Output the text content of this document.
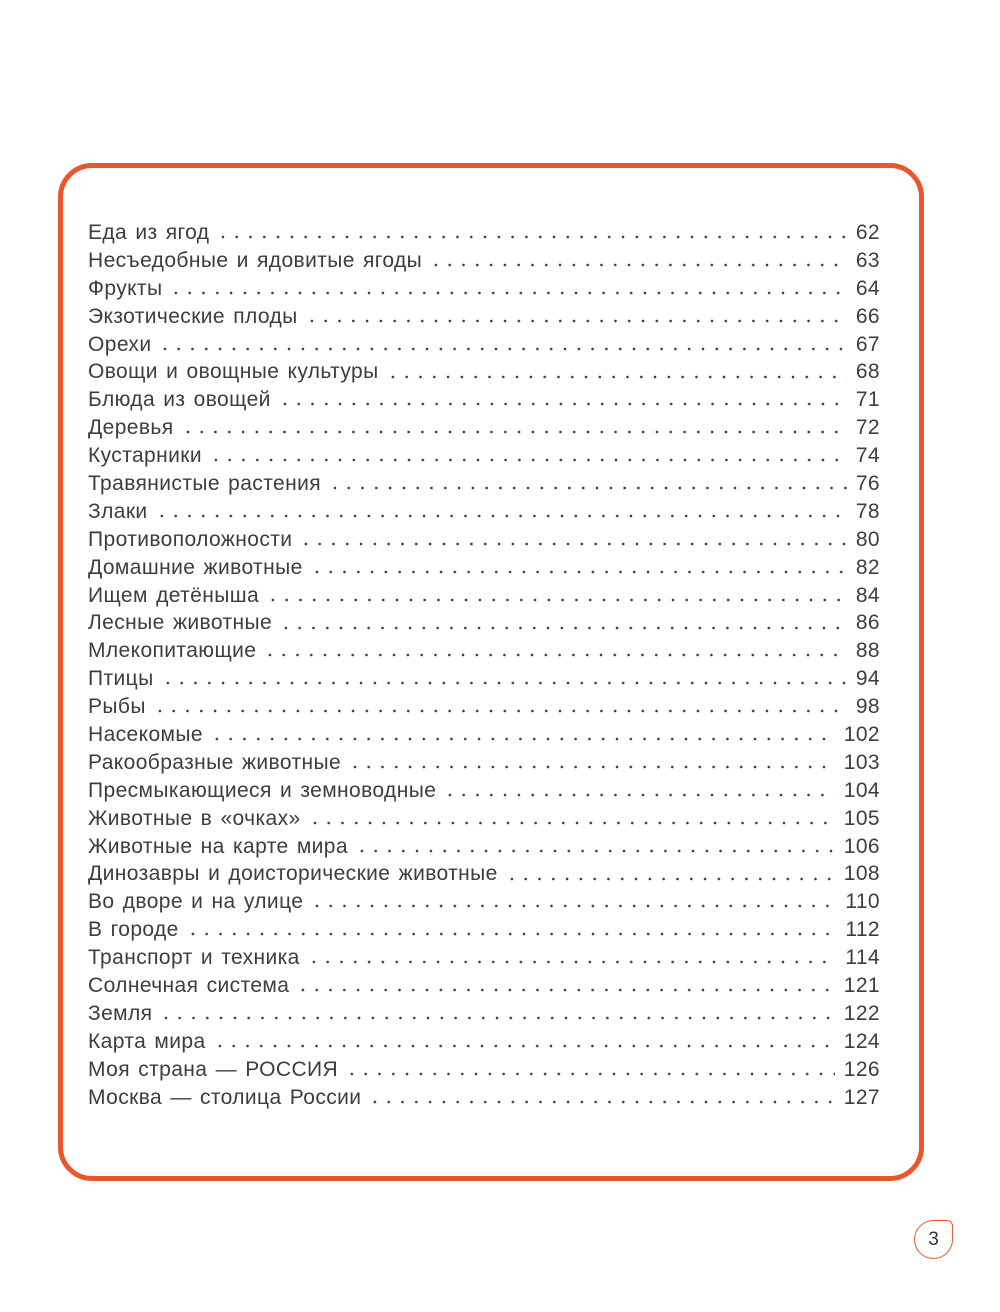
Еда из ягод	62
Несъедобные и ядовитые ягоды	63
Фрукты	64
Экзотические плоды	66
Орехи	67
Овощи и овощные культуры	68
Блюда из овощей	71
Деревья	72
Кустарники	74
Травянистые растения	76
Злаки	78
Противоположности	80
Домашние животные	82
Ищем детёныша	84
Лесные животные	86
Млекопитающие	88
Птицы	94
Рыбы	98
Насекомые	102
Ракообразные животные	103
Пресмыкающиеся и земноводные	104
Животные в «очках»	105
Животные на карте мира	106
Динозавры и доисторические животные	108
Во дворе и на улице	110
В городе	112
Транспорт и техника	114
Солнечная система	121
Земля	122
Карта мира	124
Моя страна — РОССИЯ	126
Москва — столица России	127
3
